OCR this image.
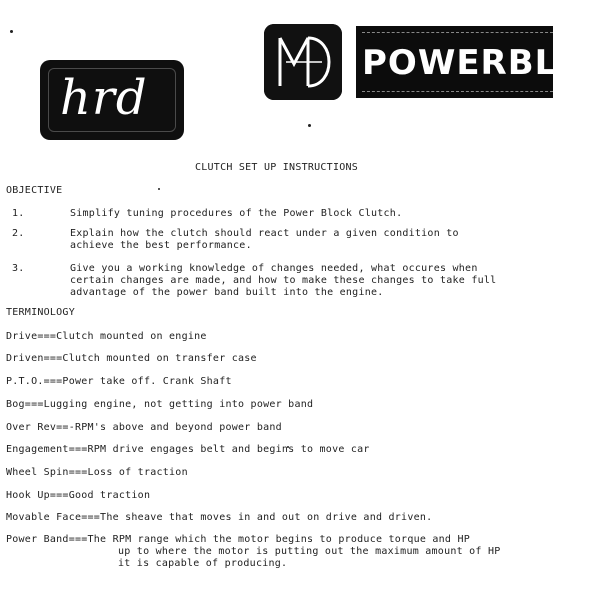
hrd
POWERBLOC
CLUTCH SET UP INSTRUCTIONS
OBJECTIVE
1.	Simplify tuning procedures of the Power Block Clutch.
2.	Explain how the clutch should react under a given condition to
achieve the best performance.
3.	Give you a working knowledge of changes needed, what occures when
certain changes are made, and how to make these changes to take full
advantage of the power band built into the engine.
TERMINOLOGY
Drive===Clutch mounted on engine
Driven===Clutch mounted on transfer case
P.T.O.===Power take off. Crank Shaft
Bog===Lugging engine, not getting into power band
Over Rev==-RPM's above and beyond power band
Engagement===RPM drive engages belt and begins to move car
Wheel Spin===Loss of traction
Hook Up===Good traction
Movable Face===The sheave that moves in and out on drive and driven.
Power Band===The RPM range which the motor begins to produce torque and HP
up to where the motor is putting out the maximum amount of HP
it is capable of producing.
